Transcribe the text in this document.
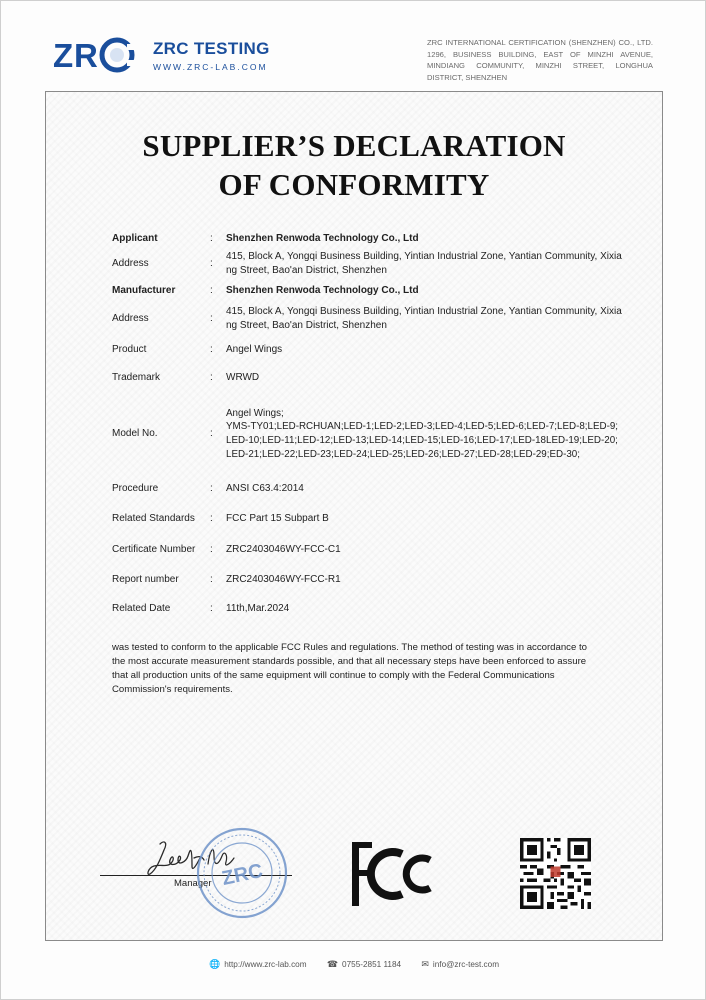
Z R	ZRC TESTING
WWW.ZRC-LAB.COM
ZRC INTERNATIONAL CERTIFICATION (SHENZHEN) CO., LTD. 1296, BUSINESS BUILDING, EAST OF MINZHI AVENUE, MINDIANG COMMUNITY, MINZHI STREET, LONGHUA DISTRICT, SHENZHEN
SUPPLIER’S DECLARATION
OF CONFORMITY
Applicant	:	Shenzhen Renwoda Technology Co., Ltd
Address	:
415, Block A, Yongqi Business Building, Yintian Industrial Zone, Yantian Community, Xixiang Street, Bao'an District, Shenzhen
Manufacturer	:	Shenzhen Renwoda Technology Co., Ltd
Address	:
415, Block A, Yongqi Business Building, Yintian Industrial Zone, Yantian Community, Xixiang Street, Bao'an District, Shenzhen
Product	:	Angel Wings
Trademark	:	WRWD
Model No.	:
Angel Wings;
YMS-TY01;LED-RCHUAN;LED-1;LED-2;LED-3;LED-4;LED-5;LED-6;LED-7;LED-8;LED-9;LED-10;LED-11;LED-12;LED-13;LED-14;LED-15;LED-16;LED-17;LED-18LED-19;LED-20;LED-21;LED-22;LED-23;LED-24;LED-25;LED-26;LED-27;LED-28;LED-29;ED-30;
Procedure	:	ANSI C63.4:2014
Related Standards	:	FCC Part 15 Subpart B
Certificate Number	:	ZRC2403046WY-FCC-C1
Report number	:	ZRC2403046WY-FCC-R1
Related Date	:	11th,Mar.2024
was tested to conform to the applicable FCC Rules and regulations. The method of testing was in accordance to the most accurate measurement standards possible, and that all necessary steps have been enforced to assure that all production units of the same equipment will continue to comply with the Federal Communications Commission's requirements.
Manager ZRC
🌐 http://www.zrc-lab.com ☎ 0755-2851 1184 ✉ info@zrc-test.com
